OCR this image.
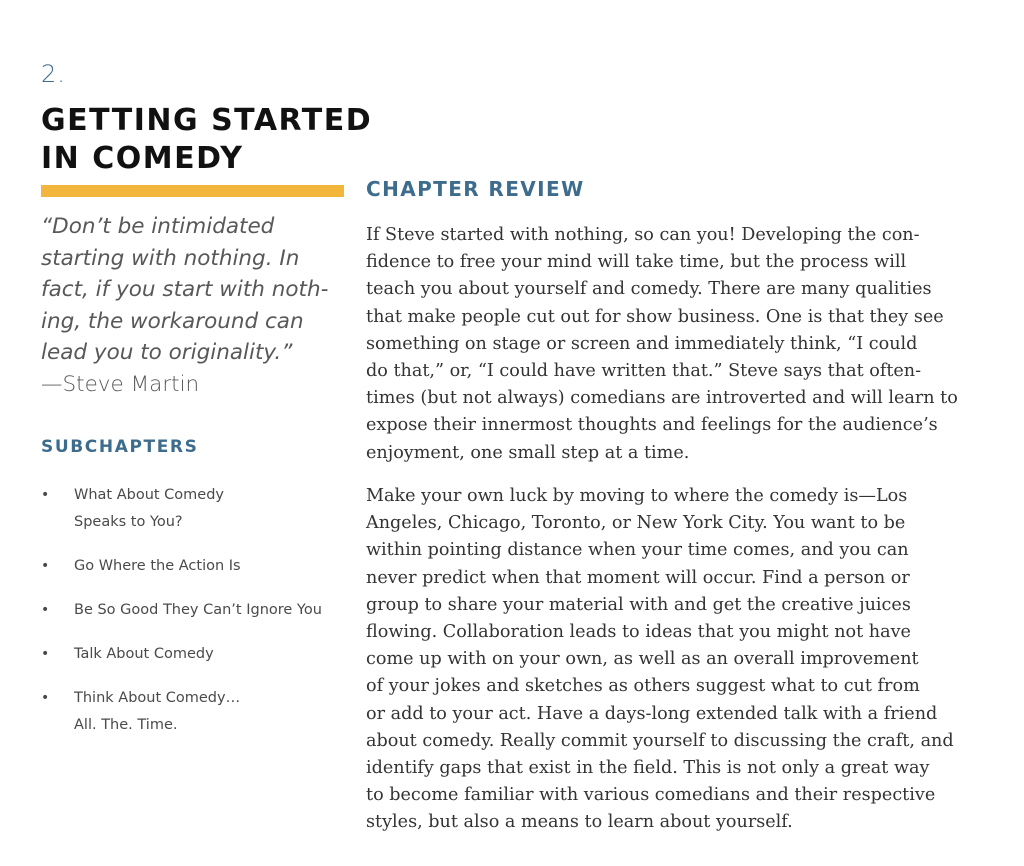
2.
GETTING STARTED
IN COMEDY
“Don’t be intimidated
starting with nothing. In
fact, if you start with noth-
ing, the workaround can
lead you to originality.”
—Steve Martin
SUBCHAPTERS
• What About Comedy
Speaks to You?
• Go Where the Action Is
• Be So Good They Can’t Ignore You
• Talk About Comedy
• Think About Comedy…
All. The. Time.
CHAPTER REVIEW

If Steve started with nothing, so can you! Developing the con-
fidence to free your mind will take time, but the process will
teach you about yourself and comedy. There are many qualities
that make people cut out for show business. One is that they see
something on stage or screen and immediately think, “I could
do that,” or, “I could have written that.” Steve says that often-
times (but not always) comedians are introverted and will learn to
expose their innermost thoughts and feelings for the audience’s
enjoyment, one small step at a time.

Make your own luck by moving to where the comedy is—Los
Angeles, Chicago, Toronto, or New York City. You want to be
within pointing distance when your time comes, and you can
never predict when that moment will occur. Find a person or
group to share your material with and get the creative juices
flowing. Collaboration leads to ideas that you might not have
come up with on your own, as well as an overall improvement
of your jokes and sketches as others suggest what to cut from
or add to your act. Have a days-long extended talk with a friend
about comedy. Really commit yourself to discussing the craft, and
identify gaps that exist in the field. This is not only a great way
to become familiar with various comedians and their respective
styles, but also a means to learn about yourself.
